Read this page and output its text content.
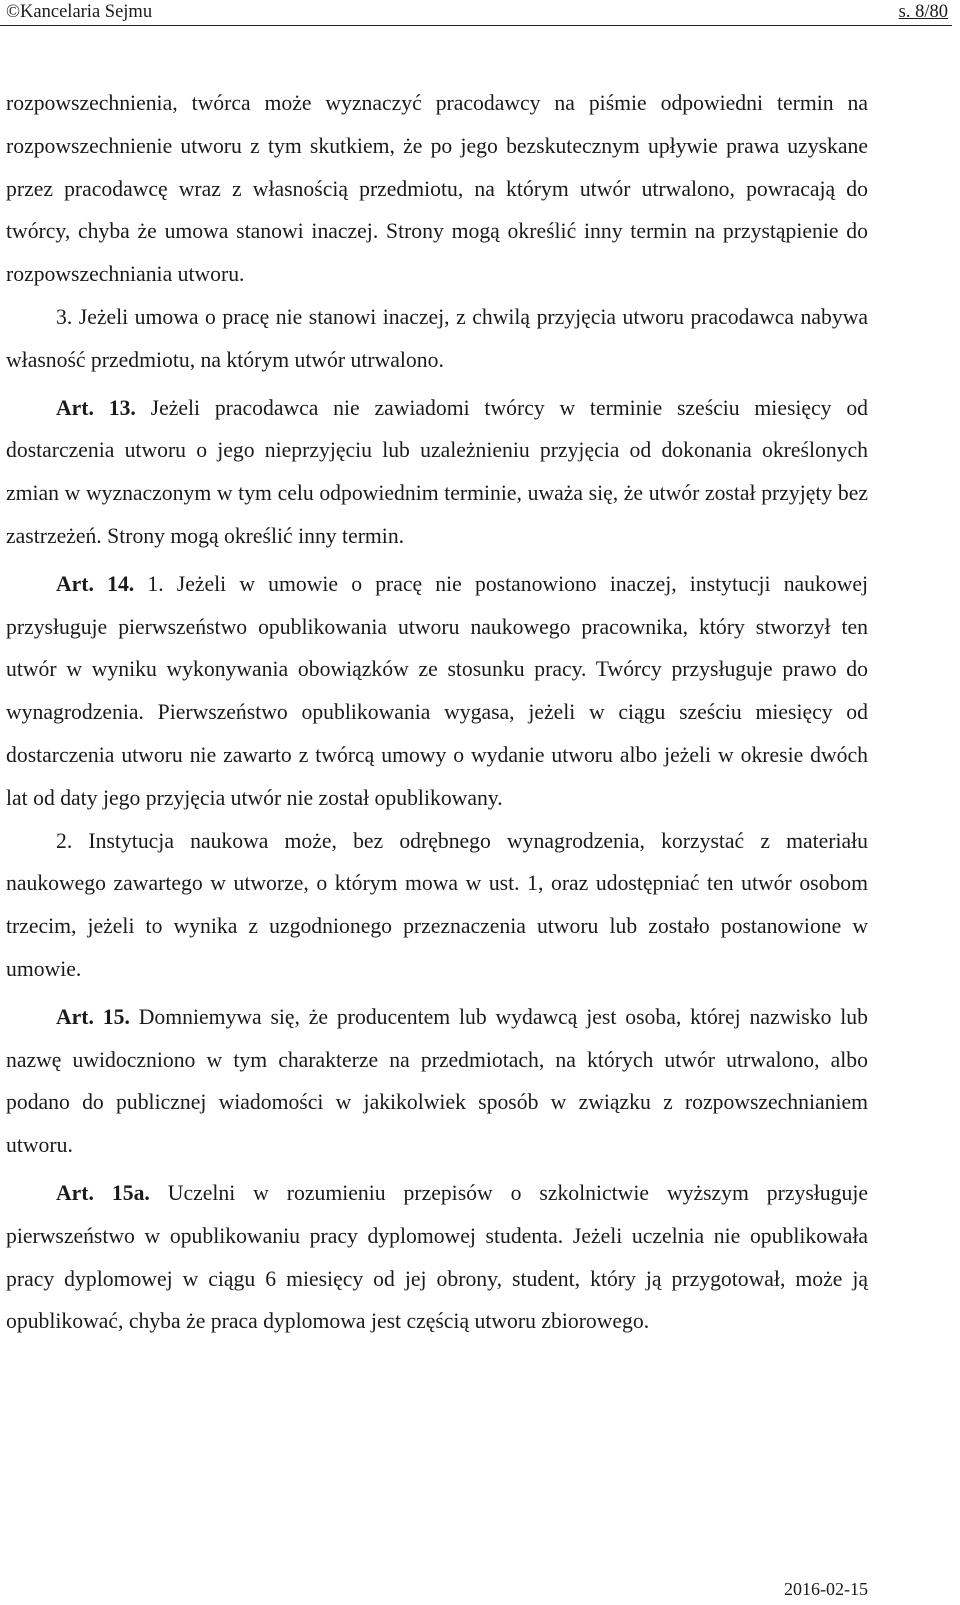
©Kancelaria Sejmu	s. 8/80

rozpowszechnienia, twórca może wyznaczyć pracodawcy na piśmie odpowiedni termin na rozpowszechnienie utworu z tym skutkiem, że po jego bezskutecznym upływie prawa uzyskane przez pracodawcę wraz z własnością przedmiotu, na którym utwór utrwalono, powracają do twórcy, chyba że umowa stanowi inaczej. Strony mogą określić inny termin na przystąpienie do rozpowszechniania utworu.

3. Jeżeli umowa o pracę nie stanowi inaczej, z chwilą przyjęcia utworu pracodawca nabywa własność przedmiotu, na którym utwór utrwalono.

Art. 13. Jeżeli pracodawca nie zawiadomi twórcy w terminie sześciu miesięcy od dostarczenia utworu o jego nieprzyjęciu lub uzależnieniu przyjęcia od dokonania określonych zmian w wyznaczonym w tym celu odpowiednim terminie, uważa się, że utwór został przyjęty bez zastrzeżeń. Strony mogą określić inny termin.

Art. 14. 1. Jeżeli w umowie o pracę nie postanowiono inaczej, instytucji naukowej przysługuje pierwszeństwo opublikowania utworu naukowego pracownika, który stworzył ten utwór w wyniku wykonywania obowiązków ze stosunku pracy. Twórcy przysługuje prawo do wynagrodzenia. Pierwszeństwo opublikowania wygasa, jeżeli w ciągu sześciu miesięcy od dostarczenia utworu nie zawarto z twórcą umowy o wydanie utworu albo jeżeli w okresie dwóch lat od daty jego przyjęcia utwór nie został opublikowany.

2. Instytucja naukowa może, bez odrębnego wynagrodzenia, korzystać z materiału naukowego zawartego w utworze, o którym mowa w ust. 1, oraz udostępniać ten utwór osobom trzecim, jeżeli to wynika z uzgodnionego przeznaczenia utworu lub zostało postanowione w umowie.

Art. 15. Domniemywa się, że producentem lub wydawcą jest osoba, której nazwisko lub nazwę uwidoczniono w tym charakterze na przedmiotach, na których utwór utrwalono, albo podano do publicznej wiadomości w jakikolwiek sposób w związku z rozpowszechnianiem utworu.

Art. 15a. Uczelni w rozumieniu przepisów o szkolnictwie wyższym przysługuje pierwszeństwo w opublikowaniu pracy dyplomowej studenta. Jeżeli uczelnia nie opublikowała pracy dyplomowej w ciągu 6 miesięcy od jej obrony, student, który ją przygotował, może ją opublikować, chyba że praca dyplomowa jest częścią utworu zbiorowego.

2016-02-15
